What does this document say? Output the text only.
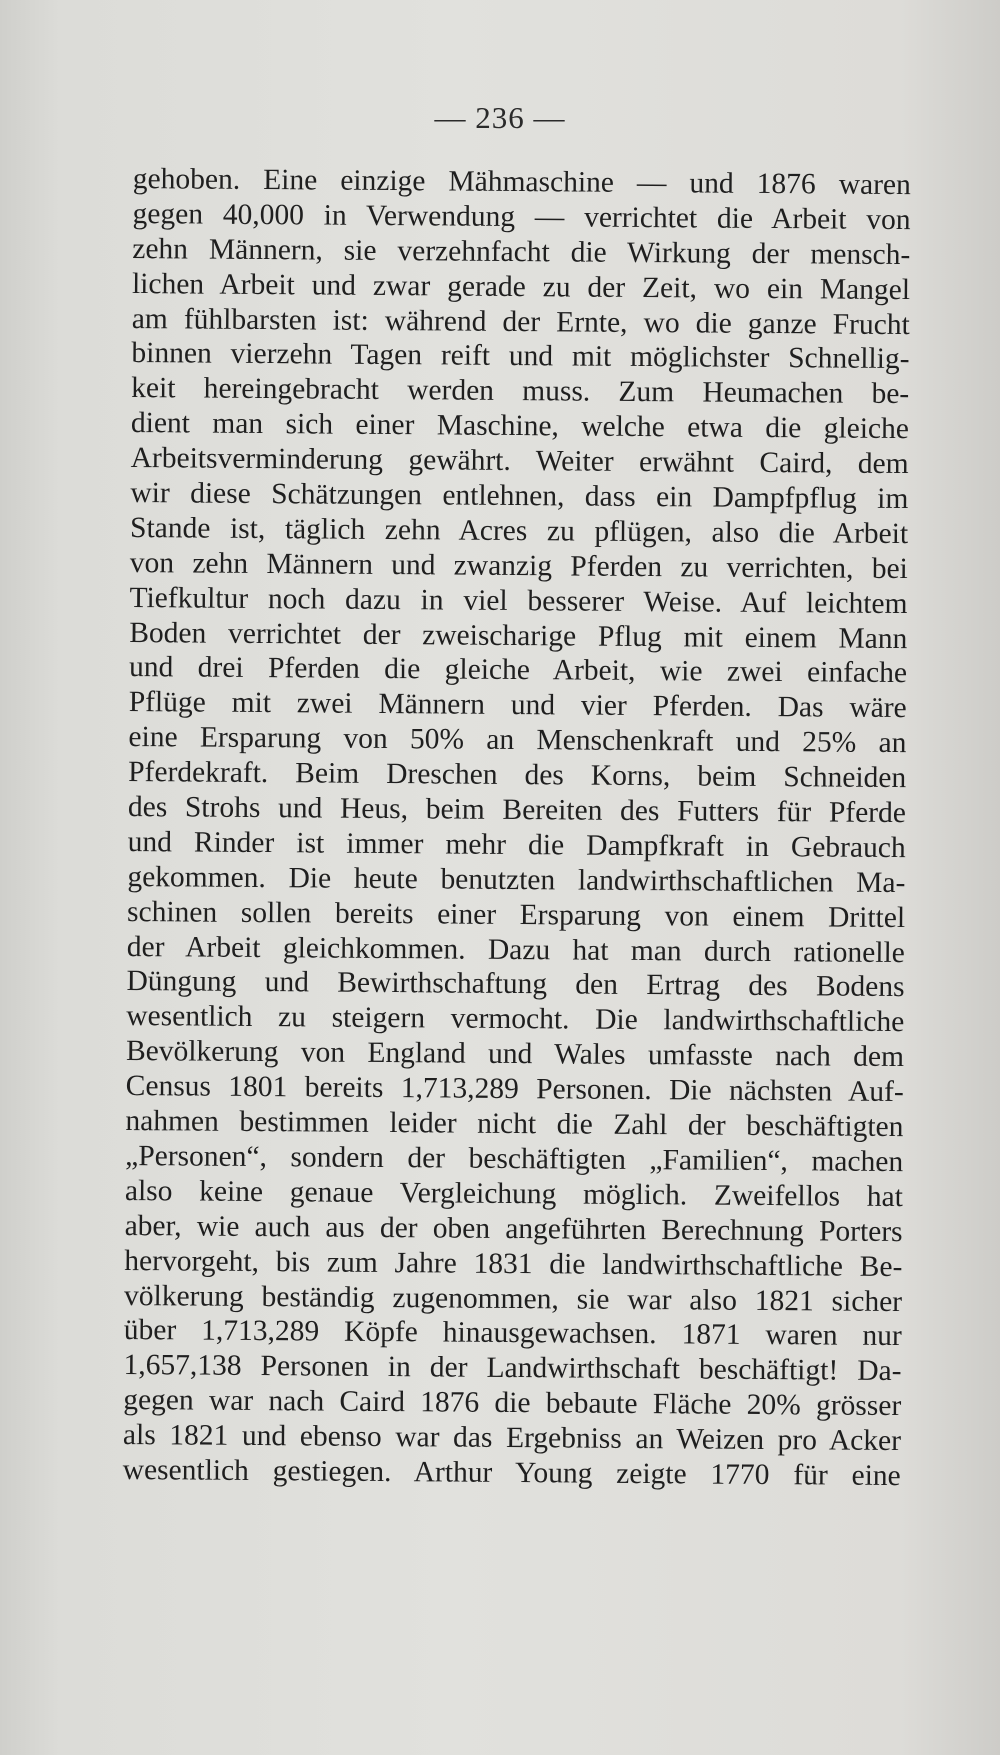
— 236 —
gehoben. Eine einzige Mähmaschine — und 1876 waren
gegen 40,000 in Verwendung — verrichtet die Arbeit von
zehn Männern, sie verzehnfacht die Wirkung der mensch-
lichen Arbeit und zwar gerade zu der Zeit, wo ein Mangel
am fühlbarsten ist: während der Ernte, wo die ganze Frucht
binnen vierzehn Tagen reift und mit möglichster Schnellig-
keit hereingebracht werden muss. Zum Heumachen be-
dient man sich einer Maschine, welche etwa die gleiche
Arbeitsverminderung gewährt. Weiter erwähnt Caird, dem
wir diese Schätzungen entlehnen, dass ein Dampfpflug im
Stande ist, täglich zehn Acres zu pflügen, also die Arbeit
von zehn Männern und zwanzig Pferden zu verrichten, bei
Tiefkultur noch dazu in viel besserer Weise. Auf leichtem
Boden verrichtet der zweischarige Pflug mit einem Mann
und drei Pferden die gleiche Arbeit, wie zwei einfache
Pflüge mit zwei Männern und vier Pferden. Das wäre
eine Ersparung von 50% an Menschenkraft und 25% an
Pferdekraft. Beim Dreschen des Korns, beim Schneiden
des Strohs und Heus, beim Bereiten des Futters für Pferde
und Rinder ist immer mehr die Dampfkraft in Gebrauch
gekommen. Die heute benutzten landwirthschaftlichen Ma-
schinen sollen bereits einer Ersparung von einem Drittel
der Arbeit gleichkommen. Dazu hat man durch rationelle
Düngung und Bewirthschaftung den Ertrag des Bodens
wesentlich zu steigern vermocht. Die landwirthschaftliche
Bevölkerung von England und Wales umfasste nach dem
Census 1801 bereits 1,713,289 Personen. Die nächsten Auf-
nahmen bestimmen leider nicht die Zahl der beschäftigten
„Personen“, sondern der beschäftigten „Familien“, machen
also keine genaue Vergleichung möglich. Zweifellos hat
aber, wie auch aus der oben angeführten Berechnung Porters
hervorgeht, bis zum Jahre 1831 die landwirthschaftliche Be-
völkerung beständig zugenommen, sie war also 1821 sicher
über 1,713,289 Köpfe hinausgewachsen. 1871 waren nur
1,657,138 Personen in der Landwirthschaft beschäftigt! Da-
gegen war nach Caird 1876 die bebaute Fläche 20% grösser
als 1821 und ebenso war das Ergebniss an Weizen pro Acker
wesentlich gestiegen. Arthur Young zeigte 1770 für eine
